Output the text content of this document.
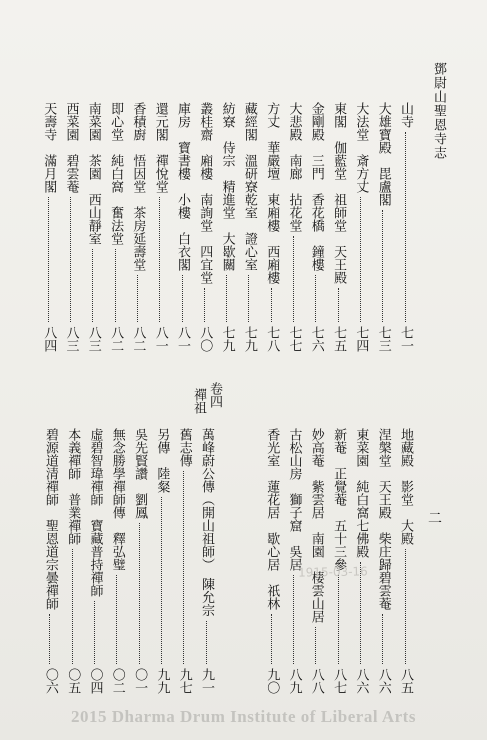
鄧尉山聖恩寺志
二
山寺
七一
大雄寶殿　毘盧閣
七三
大法堂　斎方丈
七四
東閣　伽藍堂　祖師堂　天王殿
七五
金剛殿　三門　香花橋　鐘樓
七六
大悲殿　南廊　拈花堂
七七
方丈　華嚴壇　東廂樓　西廂樓
七八
藏經閣　溫研寮乾室　證心室
七九
紡寮　侍宗　精進堂　大歇關
七九
叢桂齋　廂樓　南詢堂　四宜堂
八〇
庫房　寶書樓　小樓　白衣閣
八一
還元閣　禪悅堂
八一
香積廚　悟因堂　茶房延壽堂
八二
即心堂　純白窩　奮法堂
八二
南菜園　茶園　西山靜室
八三
西菜園　碧雲菴
八三
天壽寺　滿月閣
八四
地藏殿　影堂　大殿
八五
涅槃堂　天王殿　柴庄歸碧雲菴
八六
東菜園　純白窩七佛殿
八六
新菴　正覺菴　五十三參
八七
妙高菴　紫雲居　南園　棲雲山居
八八
古松山房　獅子窟　吳居
八九
香光室　蓮花居　歇心居　祇林
九〇
卷四
禪祖
萬峰蔚公傳（開山祖師）　陳允宗
九一
舊志傳
九七
另傳　陸粲
九九
吳先賢讚　劉鳳
〇一
無念勝學禪師傳　釋弘璧
〇二
虛碧智瑋禪師　寶藏普持禪師
〇四
本義禪師　普業禪師
〇五
碧源道清禪師　聖恩道宗曇禪師
〇六
1915-03-16
2015 Dharma Drum Institute of Liberal Arts
